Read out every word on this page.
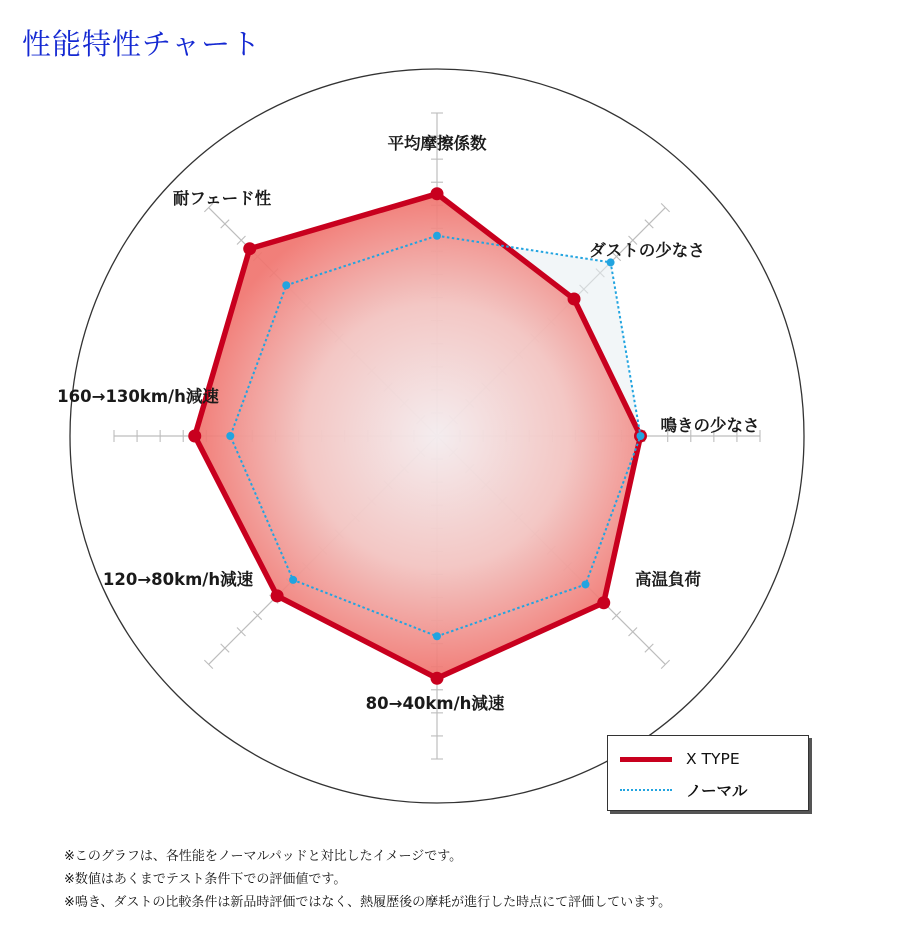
性能特性チャート
平均摩擦係数
ダストの少なさ
鳴きの少なさ
高温負荷
80→40km/h減速
120→80km/h減速
160→130km/h減速
耐フェード性
X TYPE
ノーマル
※このグラフは、各性能をノーマルパッドと対比したイメージです。
※数値はあくまでテスト条件下での評価値です。
※鳴き、ダストの比較条件は新品時評価ではなく、熱履歴後の摩耗が進行した時点にて評価しています。
